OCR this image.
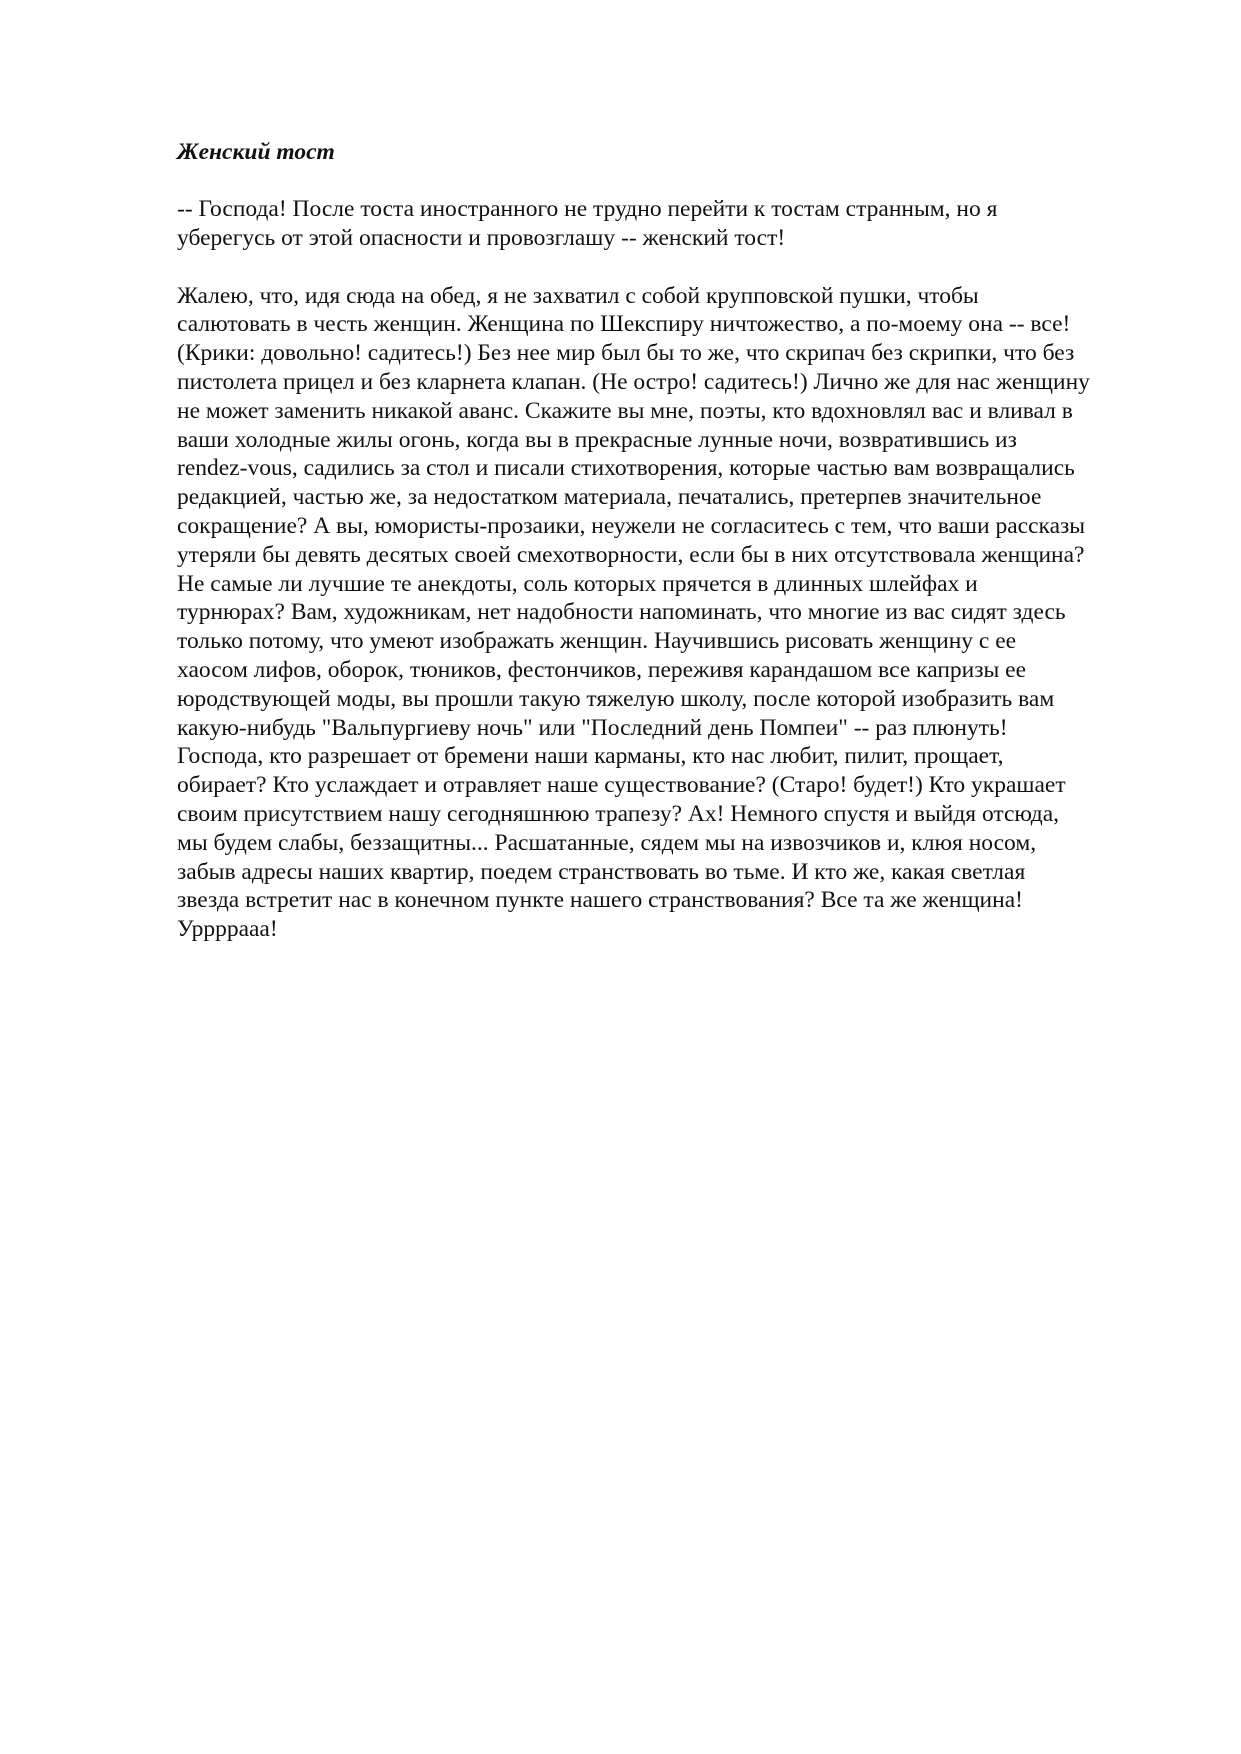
Женский тост
-- Господа! После тоста иностранного не трудно перейти к тостам странным, но я
уберегусь от этой опасности и провозглашу -- женский тост!
Жалею, что, идя сюда на обед, я не захватил с собой крупповской пушки, чтобы
салютовать в честь женщин. Женщина по Шекспиру ничтожество, а по-моему она -- все!
(Крики: довольно! садитесь!) Без нее мир был бы то же, что скрипач без скрипки, что без
пистолета прицел и без кларнета клапан. (Не остро! садитесь!) Лично же для нас женщину
не может заменить никакой аванс. Скажите вы мне, поэты, кто вдохновлял вас и вливал в
ваши холодные жилы огонь, когда вы в прекрасные лунные ночи, возвратившись из
rendez-vous, садились за стол и писали стихотворения, которые частью вам возвращались
редакцией, частью же, за недостатком материала, печатались, претерпев значительное
сокращение? А вы, юмористы-прозаики, неужели не согласитесь с тем, что ваши рассказы
утеряли бы девять десятых своей смехотворности, если бы в них отсутствовала женщина?
Не самые ли лучшие те анекдоты, соль которых прячется в длинных шлейфах и
турнюрах? Вам, художникам, нет надобности напоминать, что многие из вас сидят здесь
только потому, что умеют изображать женщин. Научившись рисовать женщину с ее
хаосом лифов, оборок, тюников, фестончиков, переживя карандашом все капризы ее
юродствующей моды, вы прошли такую тяжелую школу, после которой изобразить вам
какую-нибудь "Вальпургиеву ночь" или "Последний день Помпеи" -- раз плюнуть!
Господа, кто разрешает от бремени наши карманы, кто нас любит, пилит, прощает,
обирает? Кто услаждает и отравляет наше существование? (Старо! будет!) Кто украшает
своим присутствием нашу сегодняшнюю трапезу? Ах! Немного спустя и выйдя отсюда,
мы будем слабы, беззащитны... Расшатанные, сядем мы на извозчиков и, клюя носом,
забыв адресы наших квартир, поедем странствовать во тьме. И кто же, какая светлая
звезда встретит нас в конечном пункте нашего странствования? Все та же женщина!
Уррррааа!
